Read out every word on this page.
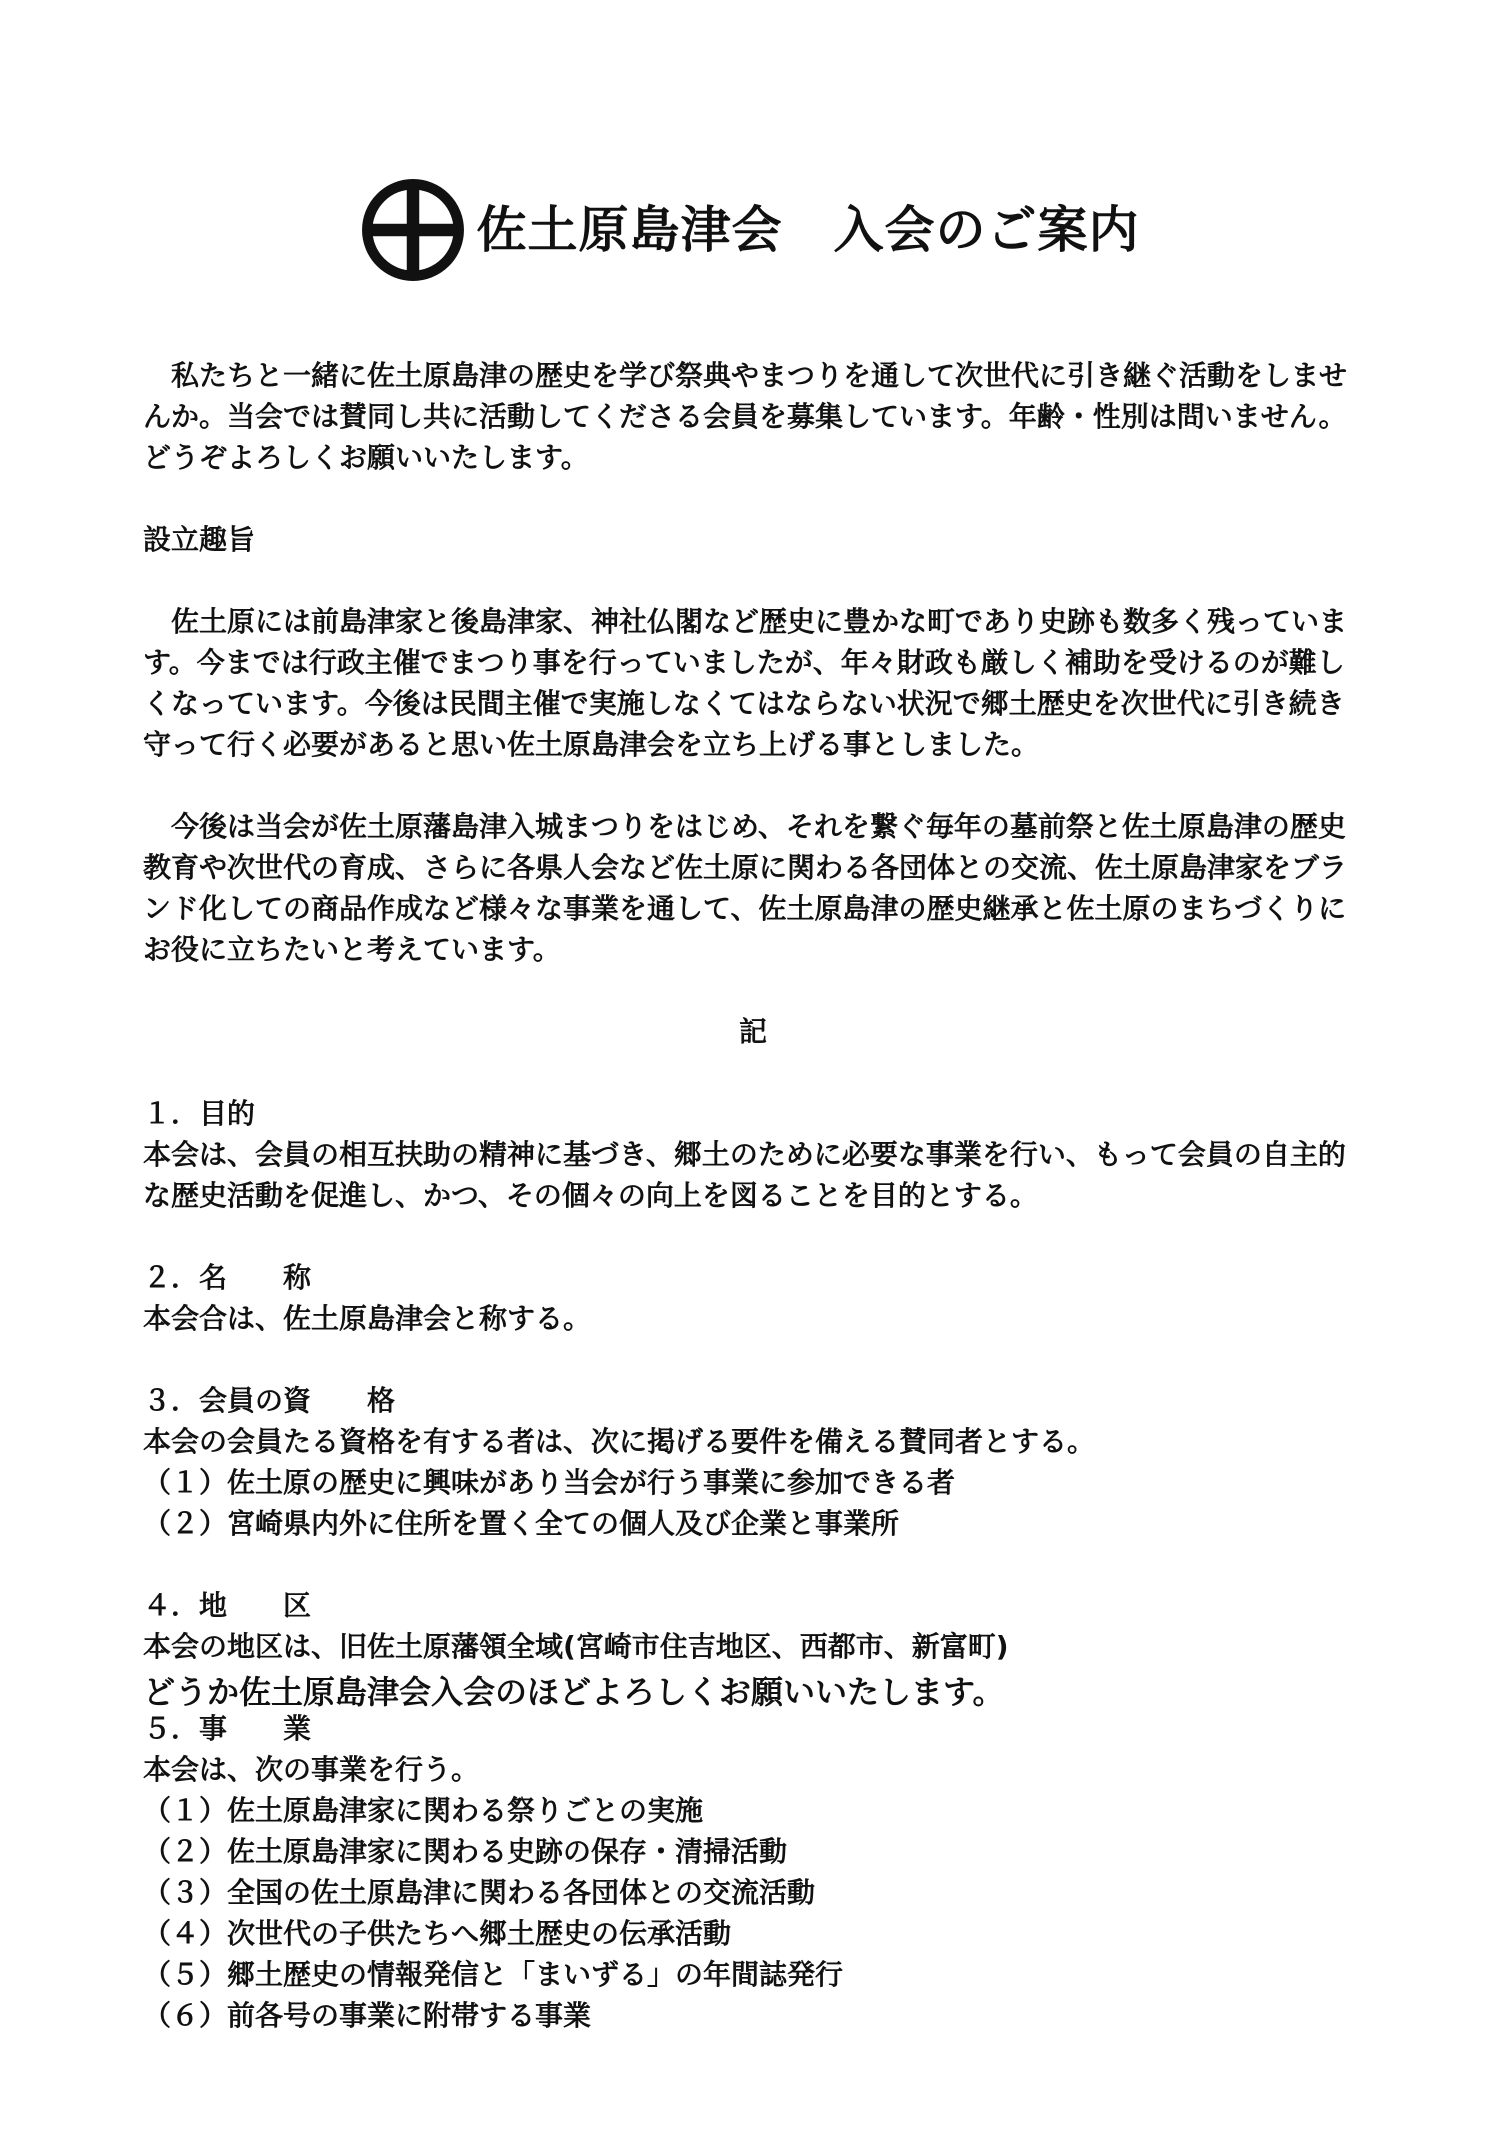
佐土原島津会　入会のご案内

私たちと一緒に佐土原島津の歴史を学び祭典やまつりを通して次世代に引き継ぐ活動をしませんか。当会では賛同し共に活動してくださる会員を募集しています。年齢・性別は問いません。どうぞよろしくお願いいたします。

設立趣旨

佐土原には前島津家と後島津家、神社仏閣など歴史に豊かな町であり史跡も数多く残っています。今までは行政主催でまつり事を行っていましたが、年々財政も厳しく補助を受けるのが難しくなっています。今後は民間主催で実施しなくてはならない状況で郷土歴史を次世代に引き続き守って行く必要があると思い佐土原島津会を立ち上げる事としました。

今後は当会が佐土原藩島津入城まつりをはじめ、それを繋ぐ毎年の墓前祭と佐土原島津の歴史教育や次世代の育成、さらに各県人会など佐土原に関わる各団体との交流、佐土原島津家をブランド化しての商品作成など様々な事業を通して、佐土原島津の歴史継承と佐土原のまちづくりにお役に立ちたいと考えています。

記

１．目的

本会は、会員の相互扶助の精神に基づき、郷土のために必要な事業を行い、もって会員の自主的な歴史活動を促進し、かつ、その個々の向上を図ることを目的とする。

２．名　　称

本会合は、佐土原島津会と称する。

３．会員の資　　格

本会の会員たる資格を有する者は、次に掲げる要件を備える賛同者とする。

（１）佐土原の歴史に興味があり当会が行う事業に参加できる者

（２）宮崎県内外に住所を置く全ての個人及び企業と事業所

４．地　　区

本会の地区は、旧佐土原藩領全域(宮崎市住吉地区、西都市、新富町)

５．事　　業

本会は、次の事業を行う。

（１）佐土原島津家に関わる祭りごとの実施

（２）佐土原島津家に関わる史跡の保存・清掃活動

（３）全国の佐土原島津に関わる各団体との交流活動

（４）次世代の子供たちへ郷土歴史の伝承活動

（５）郷土歴史の情報発信と「まいずる」の年間誌発行

（６）前各号の事業に附帯する事業

どうか佐土原島津会入会のほどよろしくお願いいたします。
